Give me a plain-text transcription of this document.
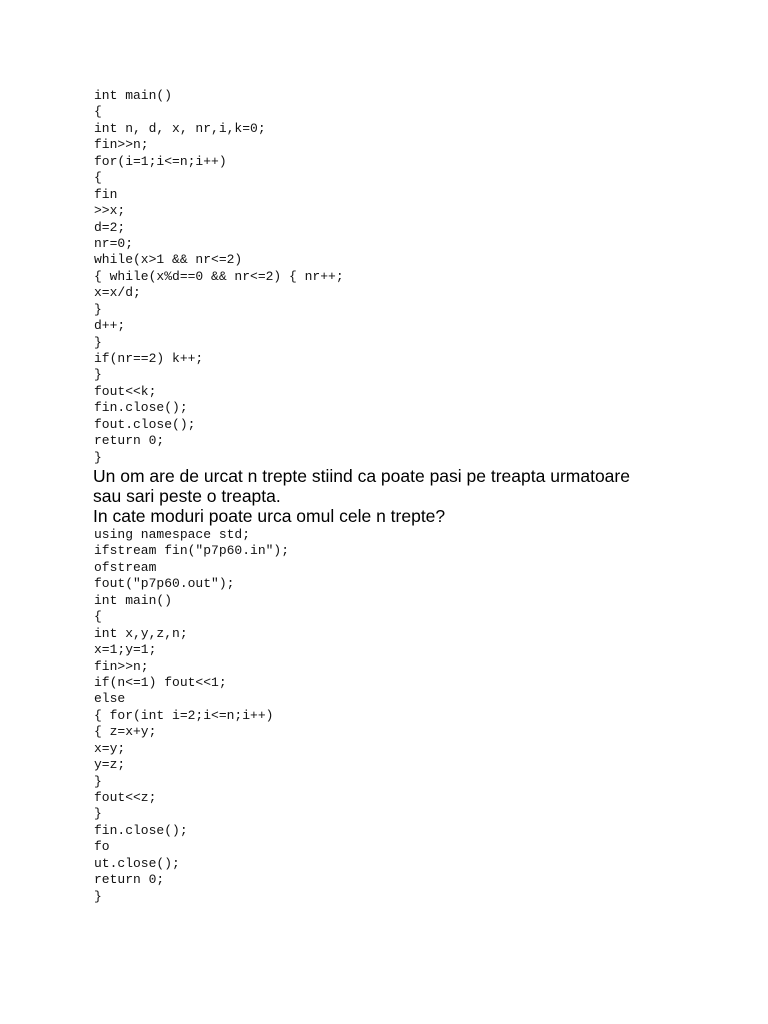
int main()
{
int n, d, x, nr,i,k=0;
fin>>n;
for(i=1;i<=n;i++)
{
fin
>>x;
d=2;
nr=0;
while(x>1 && nr<=2)
{ while(x%d==0 && nr<=2) { nr++;
x=x/d;
}
d++;
}
if(nr==2) k++;
}
fout<<k;
fin.close();
fout.close();
return 0;
}
Un om are de urcat n trepte stiind ca poate pasi pe treapta urmatoare
sau sari peste o treapta.
In cate moduri poate urca omul cele n trepte?
using namespace std;
ifstream fin("p7p60.in");
ofstream
fout("p7p60.out");
int main()
{
int x,y,z,n;
x=1;y=1;
fin>>n;
if(n<=1) fout<<1;
else
{ for(int i=2;i<=n;i++)
{ z=x+y;
x=y;
y=z;
}
fout<<z;
}
fin.close();
fo
ut.close();
return 0;
}
